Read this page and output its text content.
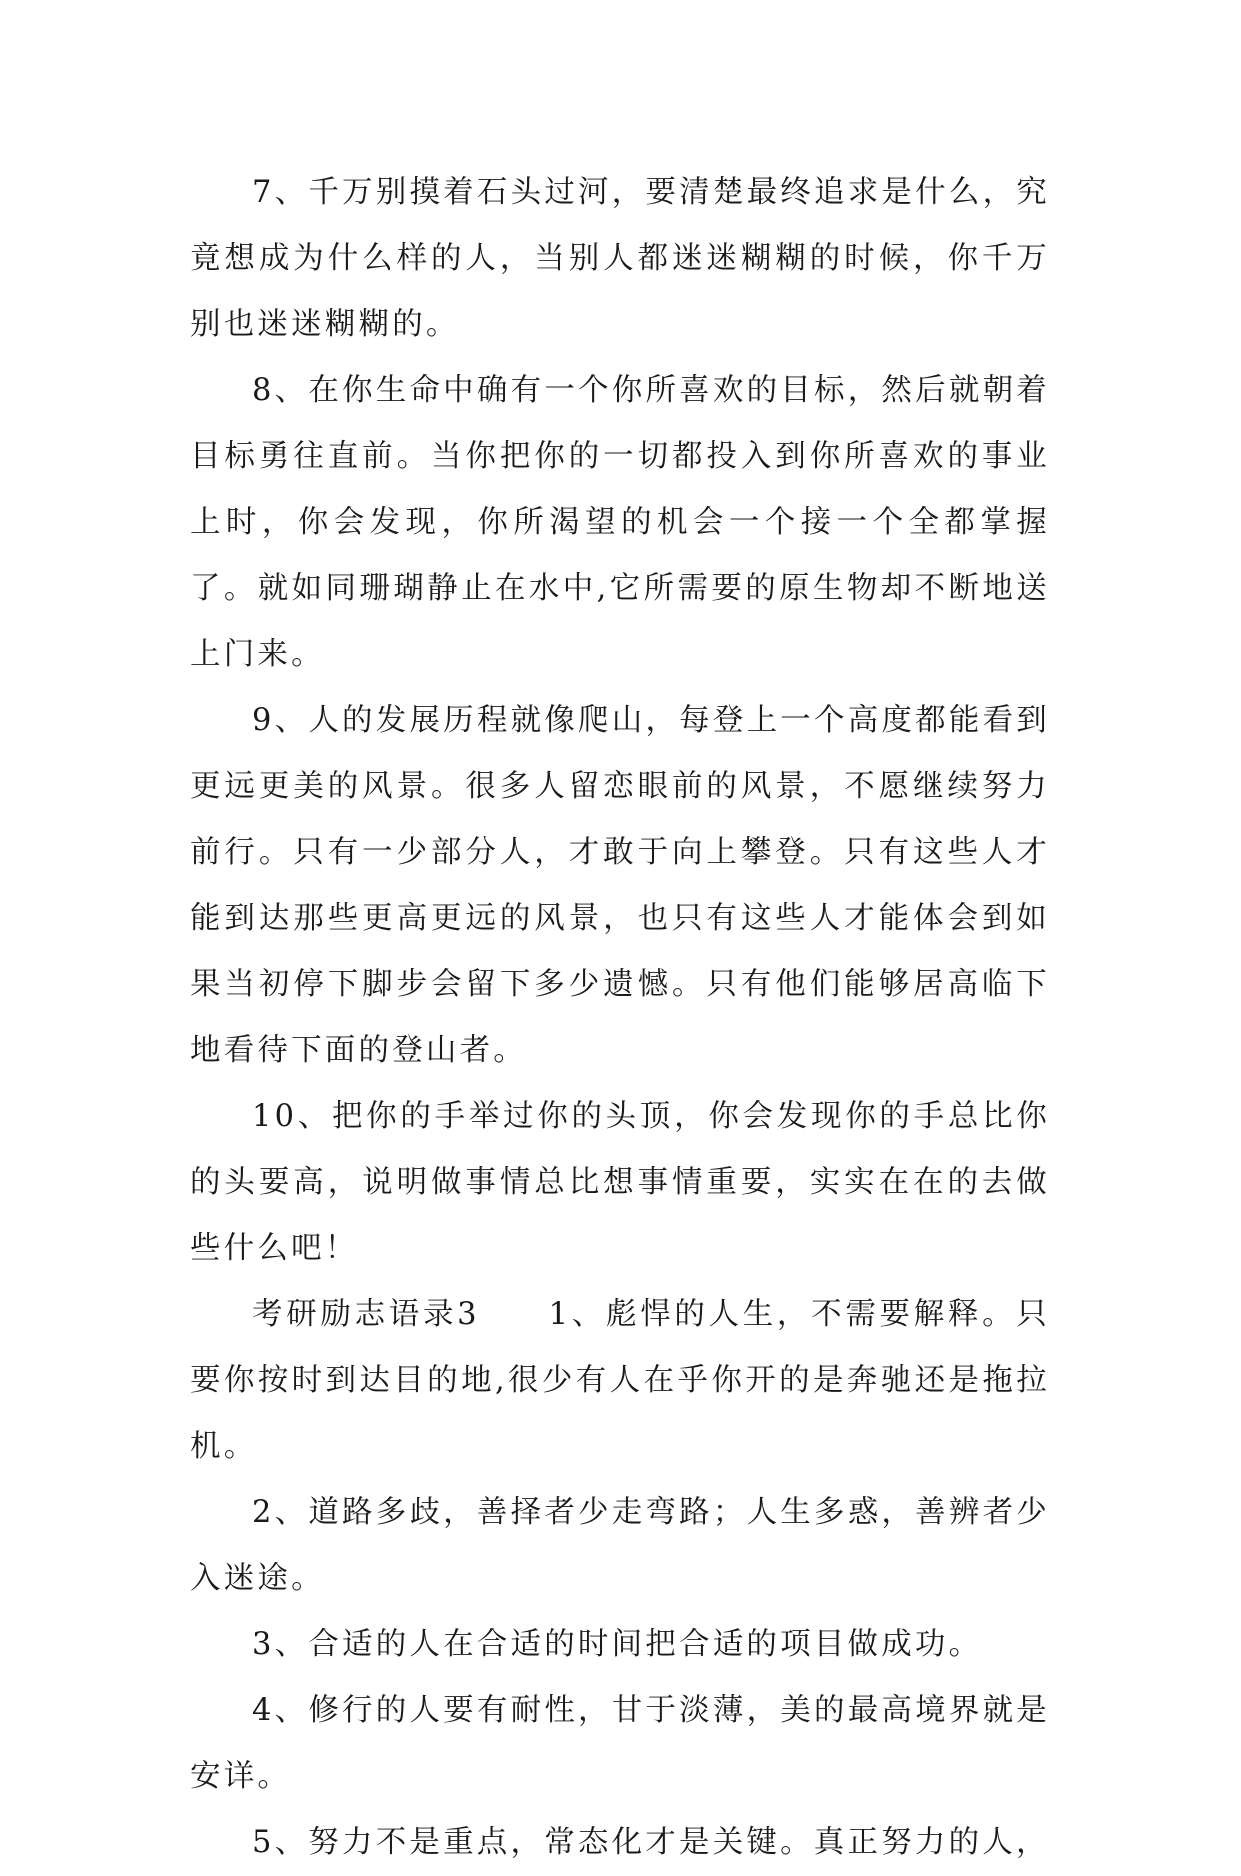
7、千万别摸着石头过河，要清楚最终追求是什么，究竟想成为什么样的人，当别人都迷迷糊糊的时候，你千万别也迷迷糊糊的。

8、在你生命中确有一个你所喜欢的目标，然后就朝着目标勇往直前。当你把你的一切都投入到你所喜欢的事业上时，你会发现，你所渴望的机会一个接一个全都掌握了。就如同珊瑚静止在水中,它所需要的原生物却不断地送上门来。

9、人的发展历程就像爬山，每登上一个高度都能看到更远更美的风景。很多人留恋眼前的风景，不愿继续努力前行。只有一少部分人，才敢于向上攀登。只有这些人才能到达那些更高更远的风景，也只有这些人才能体会到如果当初停下脚步会留下多少遗憾。只有他们能够居高临下地看待下面的登山者。

10、把你的手举过你的头顶，你会发现你的手总比你的头要高，说明做事情总比想事情重要，实实在在的去做些什么吧！

考研励志语录3　　1、彪悍的人生，不需要解释。只要你按时到达目的地,很少有人在乎你开的是奔驰还是拖拉机。

2、道路多歧，善择者少走弯路；人生多惑，善辨者少入迷途。

3、合适的人在合适的时间把合适的项目做成功。

4、修行的人要有耐性，甘于淡薄，美的最高境界就是安详。

5、努力不是重点，常态化才是关键。真正努力的人，
